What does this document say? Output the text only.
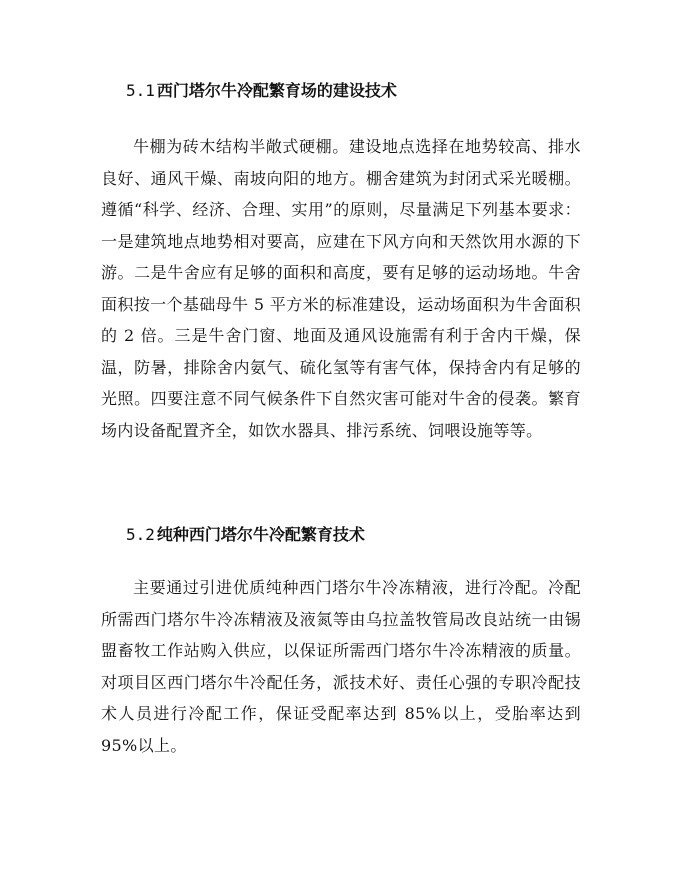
5.1 西门塔尔牛冷配繁育场的建设技术

牛棚为砖木结构半敞式硬棚。建设地点选择在地势较高、排水良好、通风干燥、南坡向阳的地方。棚舍建筑为封闭式采光暖棚。遵循“科学、经济、合理、实用”的原则，尽量满足下列基本要求：一是建筑地点地势相对要高，应建在下风方向和天然饮用水源的下游。二是牛舍应有足够的面积和高度，要有足够的运动场地。牛舍面积按一个基础母牛 5 平方米的标准建设，运动场面积为牛舍面积的 2 倍。三是牛舍门窗、地面及通风设施需有利于舍内干燥，保温，防暑，排除舍内氨气、硫化氢等有害气体，保持舍内有足够的光照。四要注意不同气候条件下自然灾害可能对牛舍的侵袭。繁育场内设备配置齐全，如饮水器具、排污系统、饲喂设施等等。

5.2 纯种西门塔尔牛冷配繁育技术

主要通过引进优质纯种西门塔尔牛冷冻精液，进行冷配。冷配所需西门塔尔牛冷冻精液及液氮等由乌拉盖牧管局改良站统一由锡盟畜牧工作站购入供应，以保证所需西门塔尔牛冷冻精液的质量。对项目区西门塔尔牛冷配任务，派技术好、责任心强的专职冷配技术人员进行冷配工作，保证受配率达到 85%以上，受胎率达到 95%以上。
